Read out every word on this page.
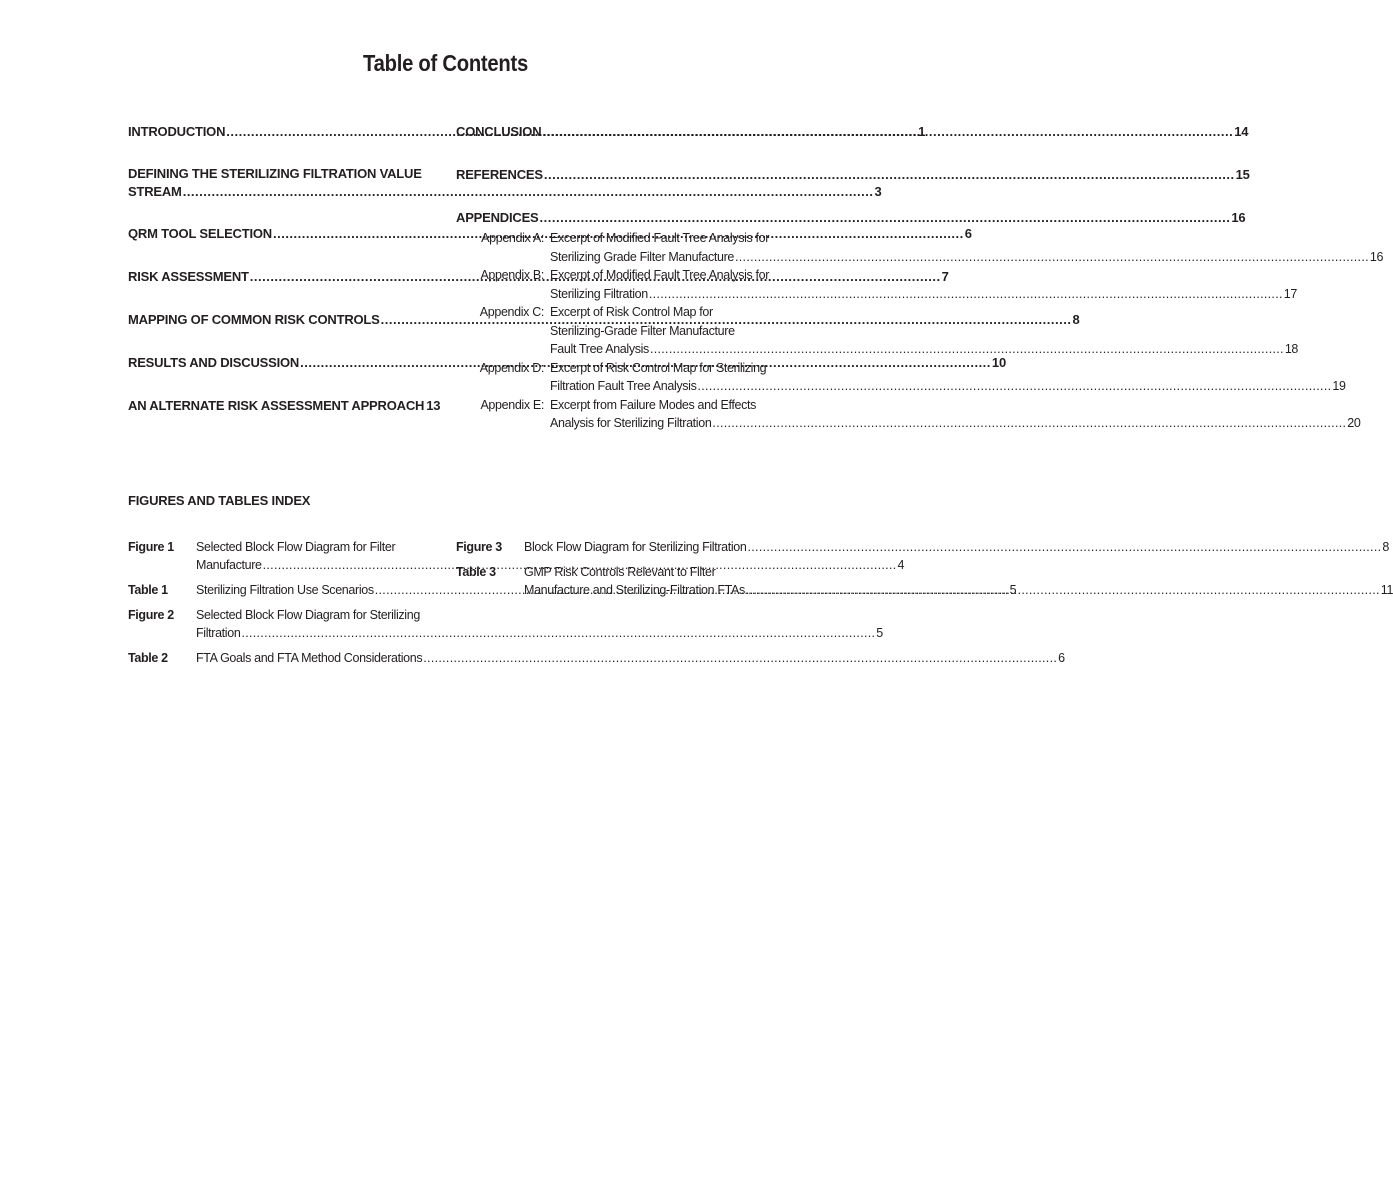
Table of Contents
INTRODUCTION .....	1
DEFINING THE STERILIZING FILTRATION VALUE
STREAM .....	3
QRM TOOL SELECTION .....	6
RISK ASSESSMENT .....	7
MAPPING OF COMMON RISK CONTROLS .....	8
RESULTS AND DISCUSSION .....	10
AN ALTERNATE RISK ASSESSMENT APPROACH 13
CONCLUSION .....	14
REFERENCES .....	15
APPENDICES .....	16
Appendix A: Excerpt of Modified Fault Tree Analysis for
Sterilizing Grade Filter Manufacture .....	16
Appendix B: Excerpt of Modified Fault Tree Analysis for
Sterilizing Filtration .....	17
Appendix C: Excerpt of Risk Control Map for
Sterilizing-Grade Filter Manufacture
Fault Tree Analysis .....	18
Appendix D: Excerpt of Risk Control Map for Sterilizing
Filtration Fault Tree Analysis .....	19
Appendix E: Excerpt from Failure Modes and Effects
Analysis for Sterilizing Filtration .....	20
FIGURES AND TABLES INDEX
Figure 1	Selected Block Flow Diagram for Filter
Manufacture .....	4
Table 1	Sterilizing Filtration Use Scenarios .....	5
Figure 2	Selected Block Flow Diagram for Sterilizing
Filtration .....	5
Table 2	FTA Goals and FTA Method Considerations .....	6
Figure 3	Block Flow Diagram for Sterilizing Filtration .....	8
Table 3	GMP Risk Controls Relevant to Filter
Manufacture and Sterilizing-Filtration FTAs .....	11
